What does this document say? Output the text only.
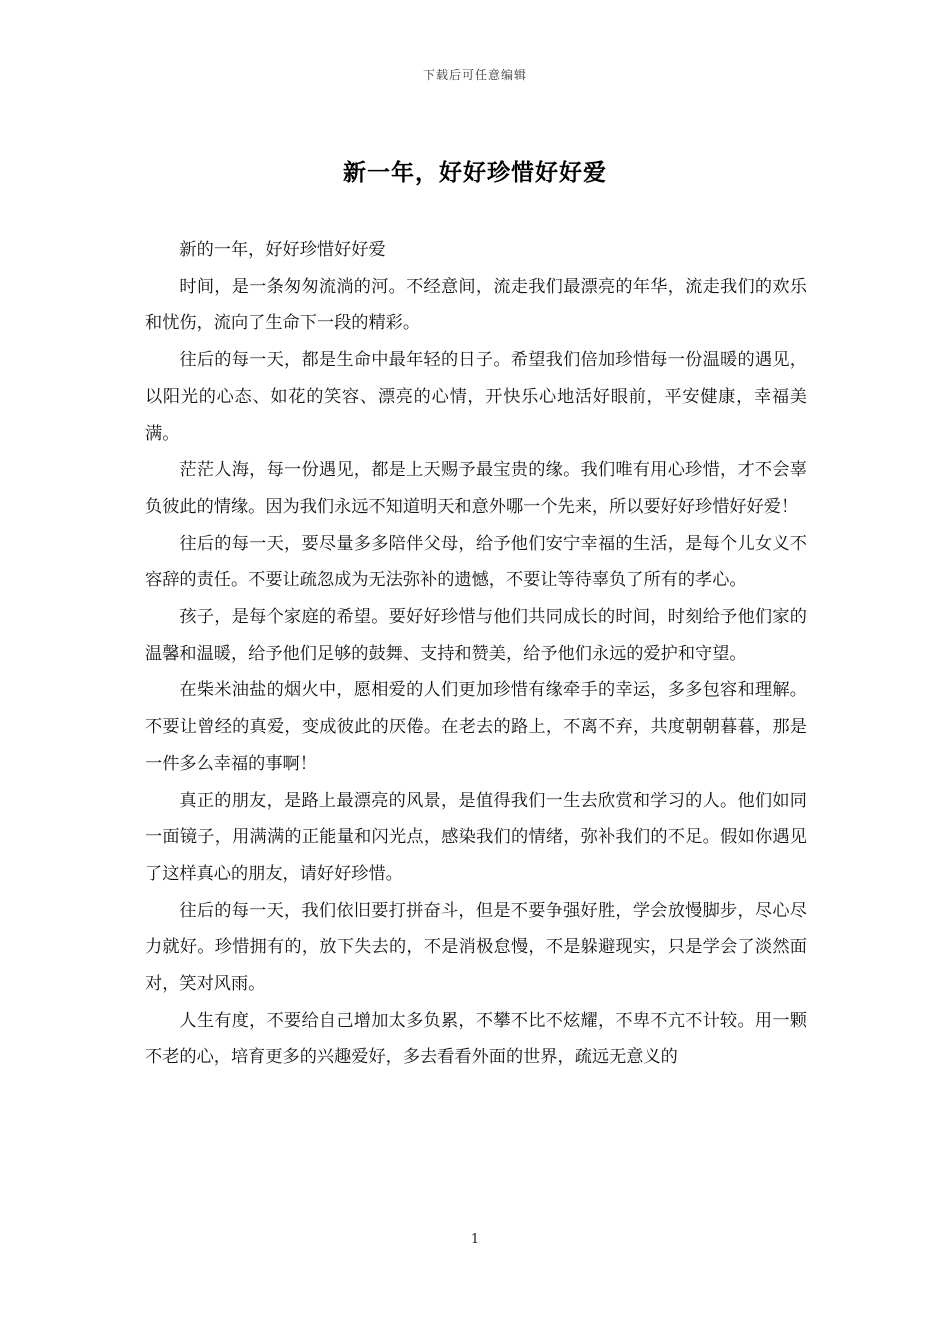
下载后可任意编辑
新一年，好好珍惜好好爱

新的一年，好好珍惜好好爱

时间，是一条匆匆流淌的河。不经意间，流走我们最漂亮的年华，流走我们的欢乐和忧伤，流向了生命下一段的精彩。

往后的每一天，都是生命中最年轻的日子。希望我们倍加珍惜每一份温暖的遇见，以阳光的心态、如花的笑容、漂亮的心情，开快乐心地活好眼前，平安健康，幸福美满。

茫茫人海，每一份遇见，都是上天赐予最宝贵的缘。我们唯有用心珍惜，才不会辜负彼此的情缘。因为我们永远不知道明天和意外哪一个先来，所以要好好珍惜好好爱！

往后的每一天，要尽量多多陪伴父母，给予他们安宁幸福的生活，是每个儿女义不容辞的责任。不要让疏忽成为无法弥补的遗憾，不要让等待辜负了所有的孝心。

孩子，是每个家庭的希望。要好好珍惜与他们共同成长的时间，时刻给予他们家的温馨和温暖，给予他们足够的鼓舞、支持和赞美，给予他们永远的爱护和守望。

在柴米油盐的烟火中，愿相爱的人们更加珍惜有缘牵手的幸运，多多包容和理解。不要让曾经的真爱，变成彼此的厌倦。在老去的路上，不离不弃，共度朝朝暮暮，那是一件多么幸福的事啊！

真正的朋友，是路上最漂亮的风景，是值得我们一生去欣赏和学习的人。他们如同一面镜子，用满满的正能量和闪光点，感染我们的情绪，弥补我们的不足。假如你遇见了这样真心的朋友，请好好珍惜。

往后的每一天，我们依旧要打拼奋斗，但是不要争强好胜，学会放慢脚步，尽心尽力就好。珍惜拥有的，放下失去的，不是消极怠慢，不是躲避现实，只是学会了淡然面对，笑对风雨。

人生有度，不要给自己增加太多负累，不攀不比不炫耀，不卑不亢不计较。用一颗不老的心，培育更多的兴趣爱好，多去看看外面的世界，疏远无意义的

1
